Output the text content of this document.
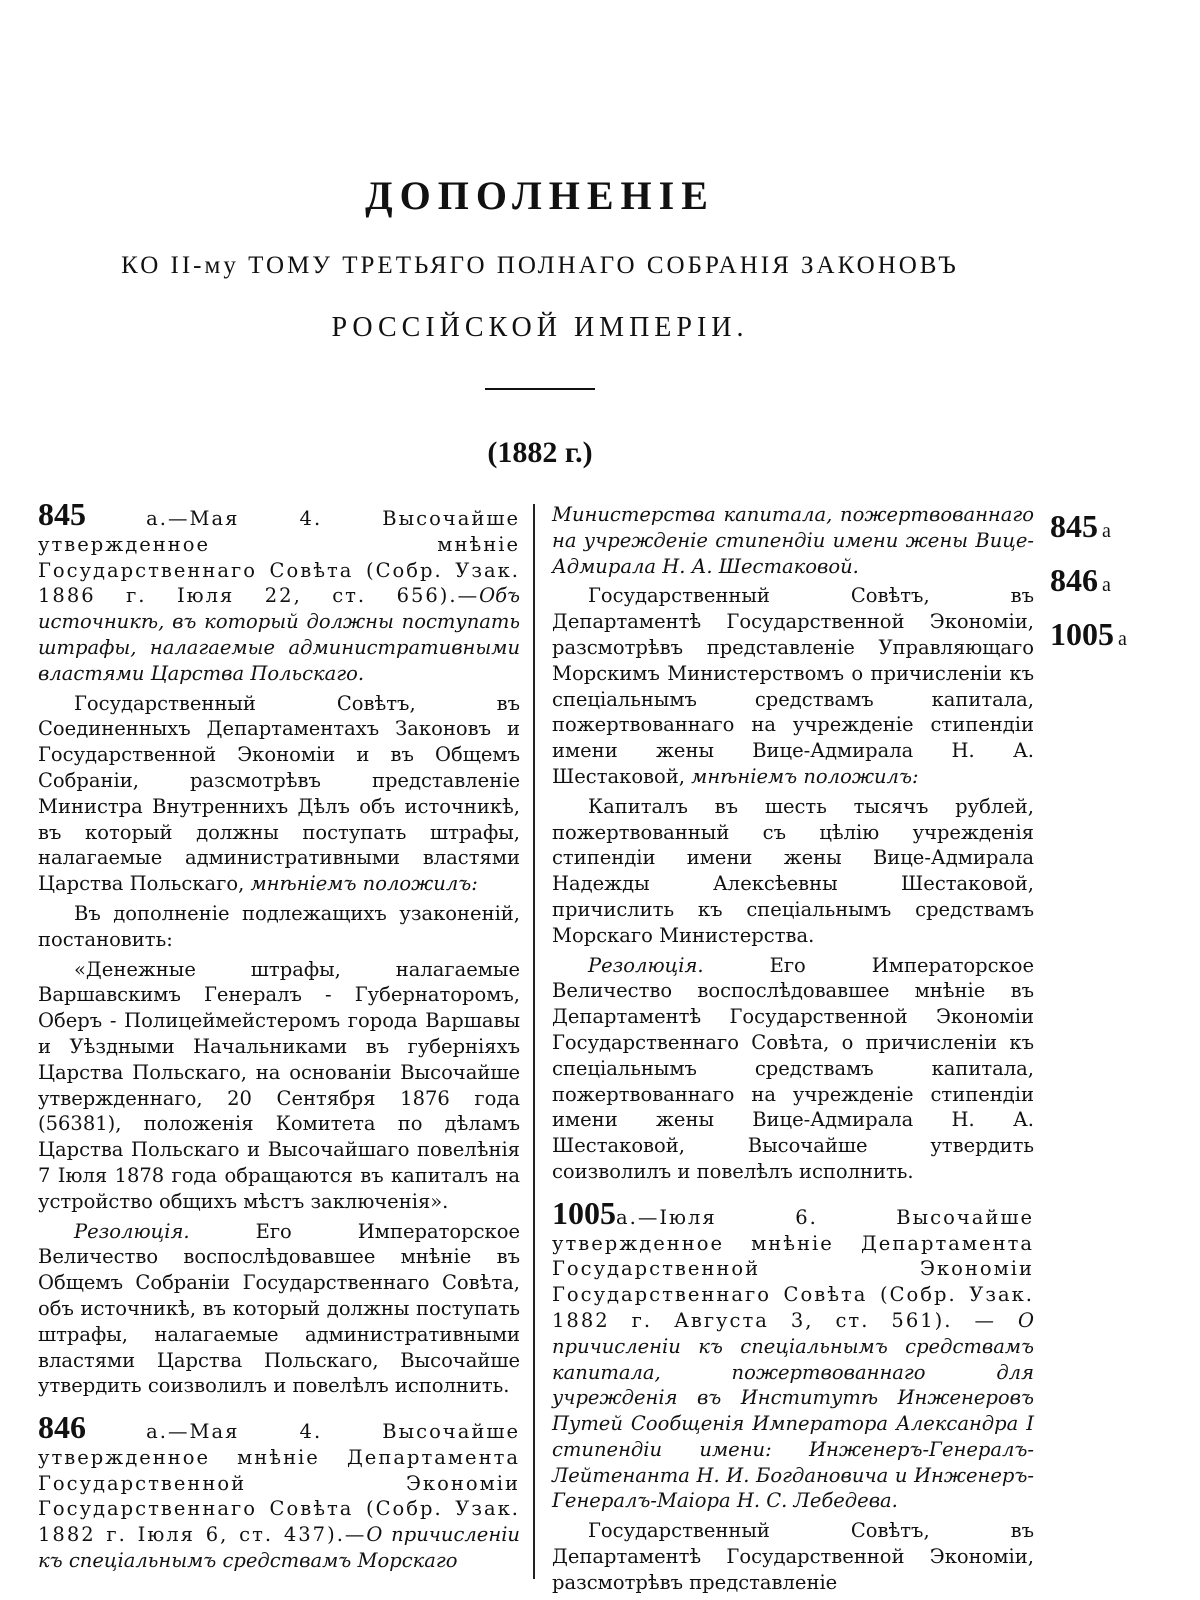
ДОПОЛНЕНІЕ
КО II-му ТОМУ ТРЕТЬЯГО ПОЛНАГО СОБРАНІЯ ЗАКОНОВЪ
РОССІЙСКОЙ ИМПЕРІИ.
(1882 г.)

845 а.—Мая 4. Высочайше утвержденное мнѣніе Государственнаго Совѣта (Собр. Узак. 1886 г. Іюля 22, ст. 656).—Объ источникѣ, въ который должны поступать штрафы, налагаемые административными властями Царства Польскаго.

Государственный Совѣтъ, въ Соединенныхъ Департаментахъ Законовъ и Государственной Экономіи и въ Общемъ Собраніи, разсмотрѣвъ представленіе Министра Внутреннихъ Дѣлъ объ источникѣ, въ который должны поступать штрафы, налагаемые административными властями Царства Польскаго, мнѣніемъ положилъ:

Въ дополненіе подлежащихъ узаконеній, постановить:

«Денежные штрафы, налагаемые Варшавскимъ Генералъ - Губернаторомъ, Оберъ - Полицеймейстеромъ города Варшавы и Уѣздными Начальниками въ губерніяхъ Царства Польскаго, на основаніи Высочайше утвержденнаго, 20 Сентября 1876 года (56381), положенія Комитета по дѣламъ Царства Польскаго и Высочайшаго повелѣнія 7 Іюля 1878 года обращаются въ капиталъ на устройство общихъ мѣстъ заключенія».

Резолюція. Его Императорское Величество воспослѣдовавшее мнѣніе въ Общемъ Собраніи Государственнаго Совѣта, объ источникѣ, въ который должны поступать штрафы, налагаемые административными властями Царства Польскаго, Высочайше утвердить соизволилъ и повелѣлъ исполнить.

846 а.—Мая 4. Высочайше утвержденное мнѣніе Департамента Государственной Экономіи Государственнаго Совѣта (Собр. Узак. 1882 г. Іюля 6, ст. 437).—О причисленіи къ спеціальнымъ средствамъ Морскаго

Министерства капитала, пожертвованнаго на учрежденіе стипендіи имени жены Вице-Адмирала Н. А. Шестаковой.

Государственный Совѣтъ, въ Департаментѣ Государственной Экономіи, разсмотрѣвъ представленіе Управляющаго Морскимъ Министерствомъ о причисленіи къ спеціальнымъ средствамъ капитала, пожертвованнаго на учрежденіе стипендіи имени жены Вице-Адмирала Н. А. Шестаковой, мнѣніемъ положилъ:

Капиталъ въ шесть тысячъ рублей, пожертвованный съ цѣлію учрежденія стипендіи имени жены Вице-Адмирала Надежды Алексѣевны Шестаковой, причислить къ спеціальнымъ средствамъ Морскаго Министерства.

Резолюція. Его Императорское Величество воспослѣдовавшее мнѣніе въ Департаментѣ Государственной Экономіи Государственнаго Совѣта, о причисленіи къ спеціальнымъ средствамъ капитала, пожертвованнаго на учрежденіе стипендіи имени жены Вице-Адмирала Н. А. Шестаковой, Высочайше утвердить соизволилъ и повелѣлъ исполнить.

1005а.—Іюля 6. Высочайше утвержденное мнѣніе Департамента Государственной Экономіи Государственнаго Совѣта (Собр. Узак. 1882 г. Августа 3, ст. 561). — О причисленіи къ спеціальнымъ средствамъ капитала, пожертвованнаго для учрежденія въ Институтѣ Инженеровъ Путей Сообщенія Императора Александра I стипендіи имени: Инженеръ-Генералъ-Лейтенанта Н. И. Богдановича и Инженеръ-Генералъ-Маіора Н. С. Лебедева.

Государственный Совѣтъ, въ Департаментѣ Государственной Экономіи, разсмотрѣвъ представленіе

845 а
846 а
1005 а
